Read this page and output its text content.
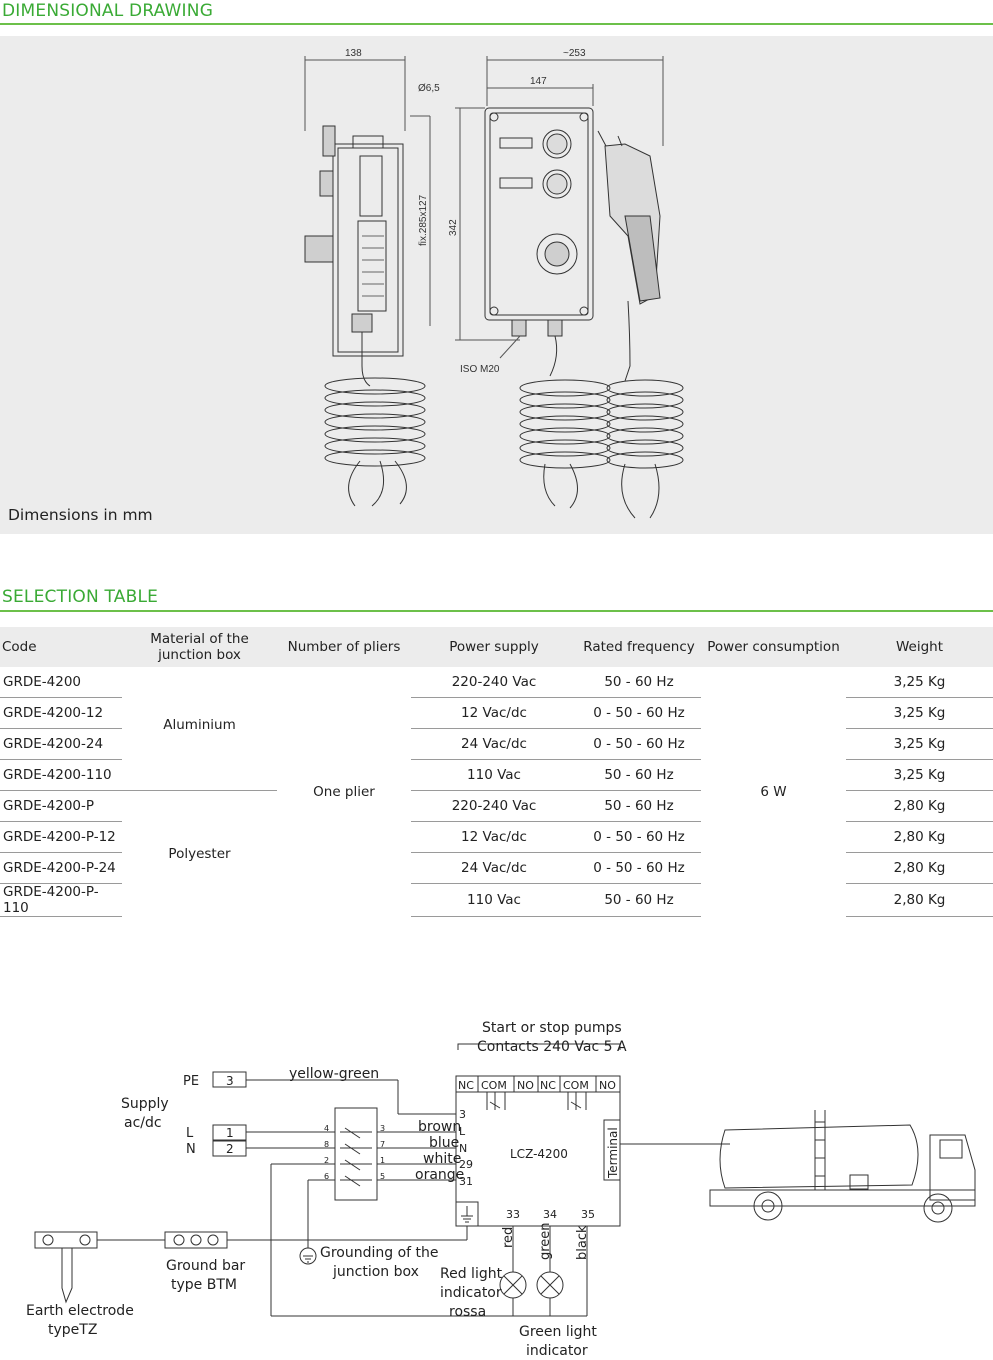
DIMENSIONAL DRAWING
138
Ø6,5
fix.285x127
~253
147
342
ISO M20
Dimensions in mm
SELECTION TABLE
Code	Material of the junction box	Number of pliers	Power supply	Rated frequency	Power consumption	Weight
GRDE-4200	Aluminium	One plier	220-240 Vac	50 - 60 Hz	6 W	3,25 Kg
GRDE-4200-12			12 Vac/dc	0 - 50 - 60 Hz		3,25 Kg
GRDE-4200-24			24 Vac/dc	0 - 50 - 60 Hz		3,25 Kg
GRDE-4200-110			110 Vac	50 - 60 Hz		3,25 Kg
GRDE-4200-P	Polyester		220-240 Vac	50 - 60 Hz		2,80 Kg
GRDE-4200-P-12			12 Vac/dc	0 - 50 - 60 Hz		2,80 Kg
GRDE-4200-P-24			24 Vac/dc	0 - 50 - 60 Hz		2,80 Kg
GRDE-4200-P-110			110 Vac	50 - 60 Hz		2,80 Kg
Start or stop pumps
Contacts 240 Vac 5 A
PE 3	yellow-green
Supply
ac/dc
L
N
1
2
4
8
2
6
3
7
1
5
brown
blue
white
orange
3
L
N
29
31
NC COM NO NC COM NO
LCZ-4200	Terminal
33 34 35
red green black
Grounding of the
junction box
Ground bar
type BTM
Earth electrode
typeTZ
Red light
indicator
rossa
Green light
indicator
